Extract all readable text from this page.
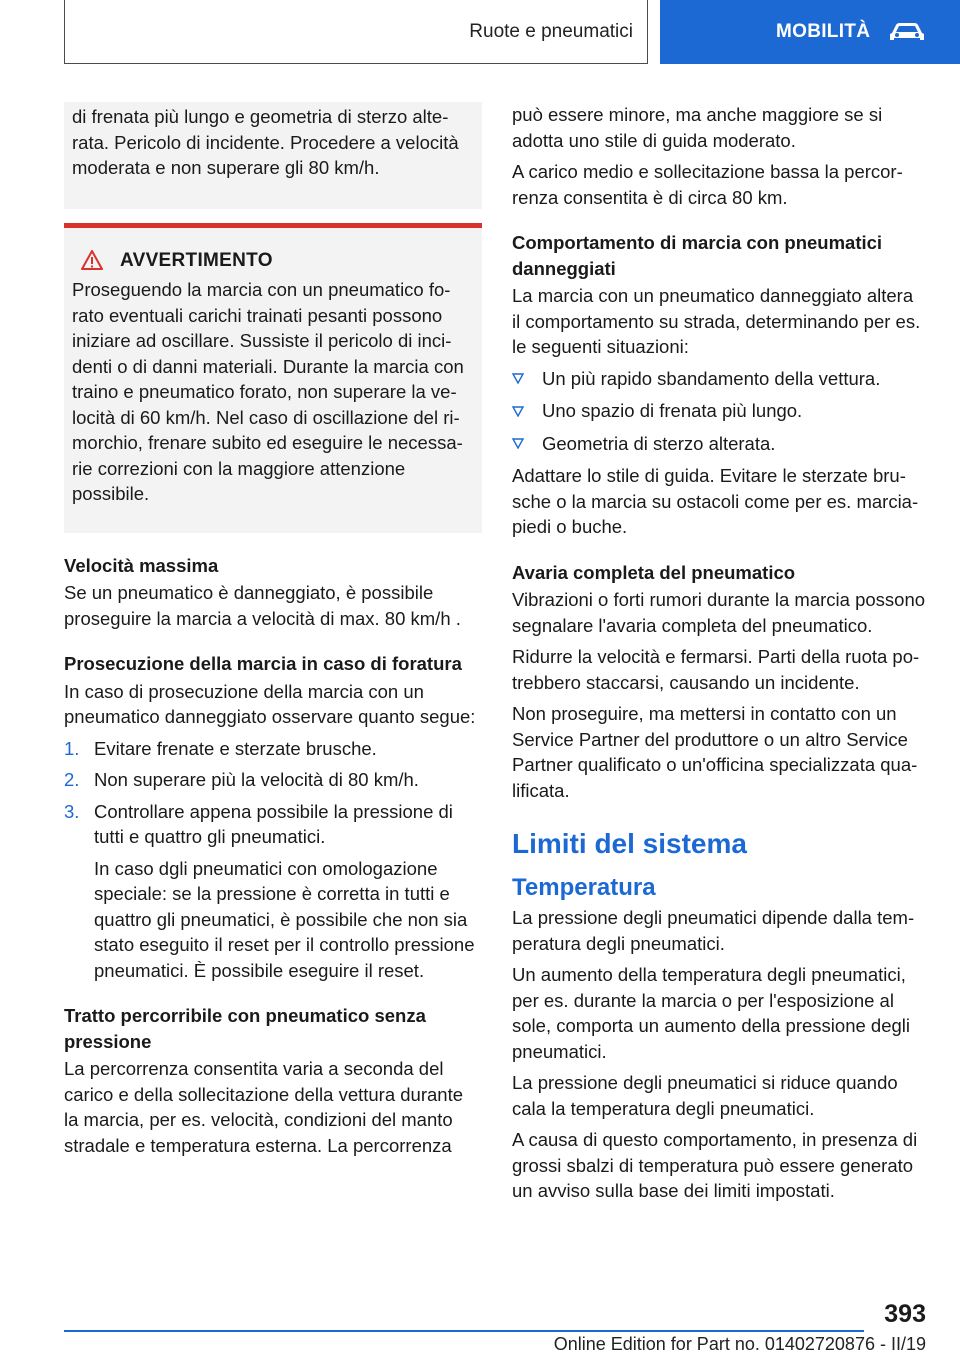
Ruote e pneumatici	MOBILITÀ

di frenata più lungo e geometria di sterzo alterata. Pericolo di incidente. Procedere a velocità moderata e non superare gli 80 km/h.

AVVERTIMENTO

Proseguendo la marcia con un pneumatico forato eventuali carichi trainati pesanti possono iniziare ad oscillare. Sussiste il pericolo di incidenti o di danni materiali. Durante la marcia con traino e pneumatico forato, non superare la velocità di 60 km/h. Nel caso di oscillazione del rimorchio, frenare subito ed eseguire le necessarie correzioni con la maggiore attenzione possibile.

Velocità massima

Se un pneumatico è danneggiato, è possibile proseguire la marcia a velocità di max. 80 km/h .

Prosecuzione della marcia in caso di foratura

In caso di prosecuzione della marcia con un pneumatico danneggiato osservare quanto segue:

1. Evitare frenate e sterzate brusche.
2. Non superare più la velocità di 80 km/h.
3. Controllare appena possibile la pressione di tutti e quattro gli pneumatici.

In caso dgli pneumatici con omologazione speciale: se la pressione è corretta in tutti e quattro gli pneumatici, è possibile che non sia stato eseguito il reset per il controllo pressione pneumatici. È possibile eseguire il reset.

Tratto percorribile con pneumatico senza pressione

La percorrenza consentita varia a seconda del carico e della sollecitazione della vettura durante la marcia, per es. velocità, condizioni del manto stradale e temperatura esterna. La percorrenza

può essere minore, ma anche maggiore se si adotta uno stile di guida moderato.

A carico medio e sollecitazione bassa la percorrenza consentita è di circa 80 km.

Comportamento di marcia con pneumatici danneggiati

La marcia con un pneumatico danneggiato altera il comportamento su strada, determinando per es. le seguenti situazioni:

Un più rapido sbandamento della vettura.
Uno spazio di frenata più lungo.
Geometria di sterzo alterata.

Adattare lo stile di guida. Evitare le sterzate brusche o la marcia su ostacoli come per es. marciapiedi o buche.

Avaria completa del pneumatico

Vibrazioni o forti rumori durante la marcia possono segnalare l'avaria completa del pneumatico.

Ridurre la velocità e fermarsi. Parti della ruota potrebbero staccarsi, causando un incidente.

Non proseguire, ma mettersi in contatto con un Service Partner del produttore o un altro Service Partner qualificato o un'officina specializzata qualificata.

Limiti del sistema
Temperatura

La pressione degli pneumatici dipende dalla temperatura degli pneumatici.

Un aumento della temperatura degli pneumatici, per es. durante la marcia o per l'esposizione al sole, comporta un aumento della pressione degli pneumatici.

La pressione degli pneumatici si riduce quando cala la temperatura degli pneumatici.

A causa di questo comportamento, in presenza di grossi sbalzi di temperatura può essere generato un avviso sulla base dei limiti impostati.

393
Online Edition for Part no. 01402720876 - II/19
